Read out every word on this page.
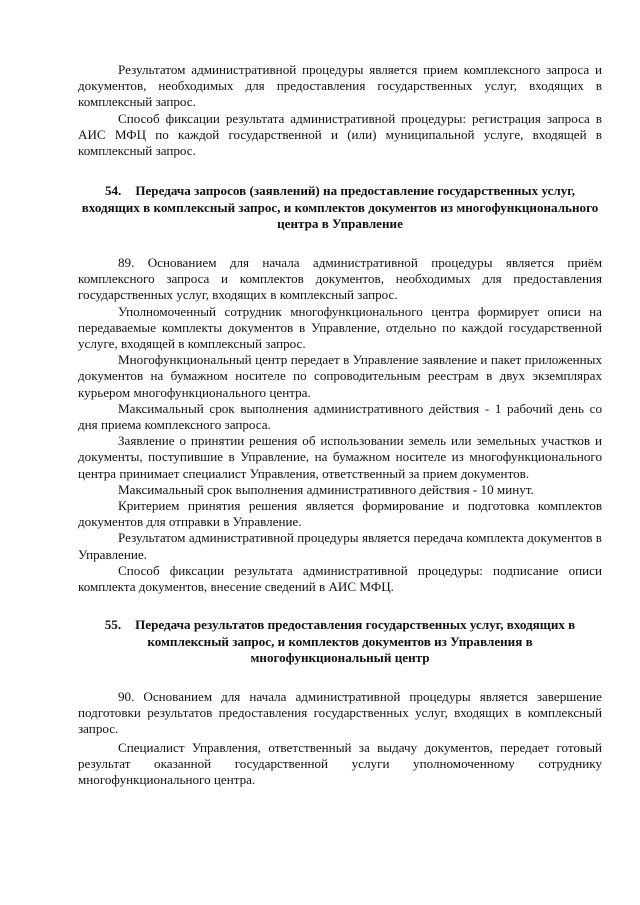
Результатом административной процедуры является прием комплексного запроса и документов, необходимых для предоставления государственных услуг, входящих в комплексный запрос.

Способ фиксации результата административной процедуры: регистрация запроса в АИС МФЦ по каждой государственной и (или) муниципальной услуге, входящей в комплексный запрос.

54. Передача запросов (заявлений) на предоставление государственных услуг, входящих в комплексный запрос, и комплектов документов из многофункционального центра в Управление

89. Основанием для начала административной процедуры является приём комплексного запроса и комплектов документов, необходимых для предоставления государственных услуг, входящих в комплексный запрос.

Уполномоченный сотрудник многофункционального центра формирует описи на передаваемые комплекты документов в Управление, отдельно по каждой государственной услуге, входящей в комплексный запрос.

Многофункциональный центр передает в Управление заявление и пакет приложенных документов на бумажном носителе по сопроводительным реестрам в двух экземплярах курьером многофункционального центра.

Максимальный срок выполнения административного действия - 1 рабочий день со дня приема комплексного запроса.

Заявление о принятии решения об использовании земель или земельных участков и документы, поступившие в Управление, на бумажном носителе из многофункционального центра принимает специалист Управления, ответственный за прием документов.

Максимальный срок выполнения административного действия - 10 минут.

Критерием принятия решения является формирование и подготовка комплектов документов для отправки в Управление.

Результатом административной процедуры является передача комплекта документов в Управление.

Способ фиксации результата административной процедуры: подписание описи комплекта документов, внесение сведений в АИС МФЦ.

55. Передача результатов предоставления государственных услуг, входящих в комплексный запрос, и комплектов документов из Управления в многофункциональный центр

90. Основанием для начала административной процедуры является завершение подготовки результатов предоставления государственных услуг, входящих в комплексный запрос.

Специалист Управления, ответственный за выдачу документов, передает готовый результат оказанной государственной услуги уполномоченному сотруднику многофункционального центра.
